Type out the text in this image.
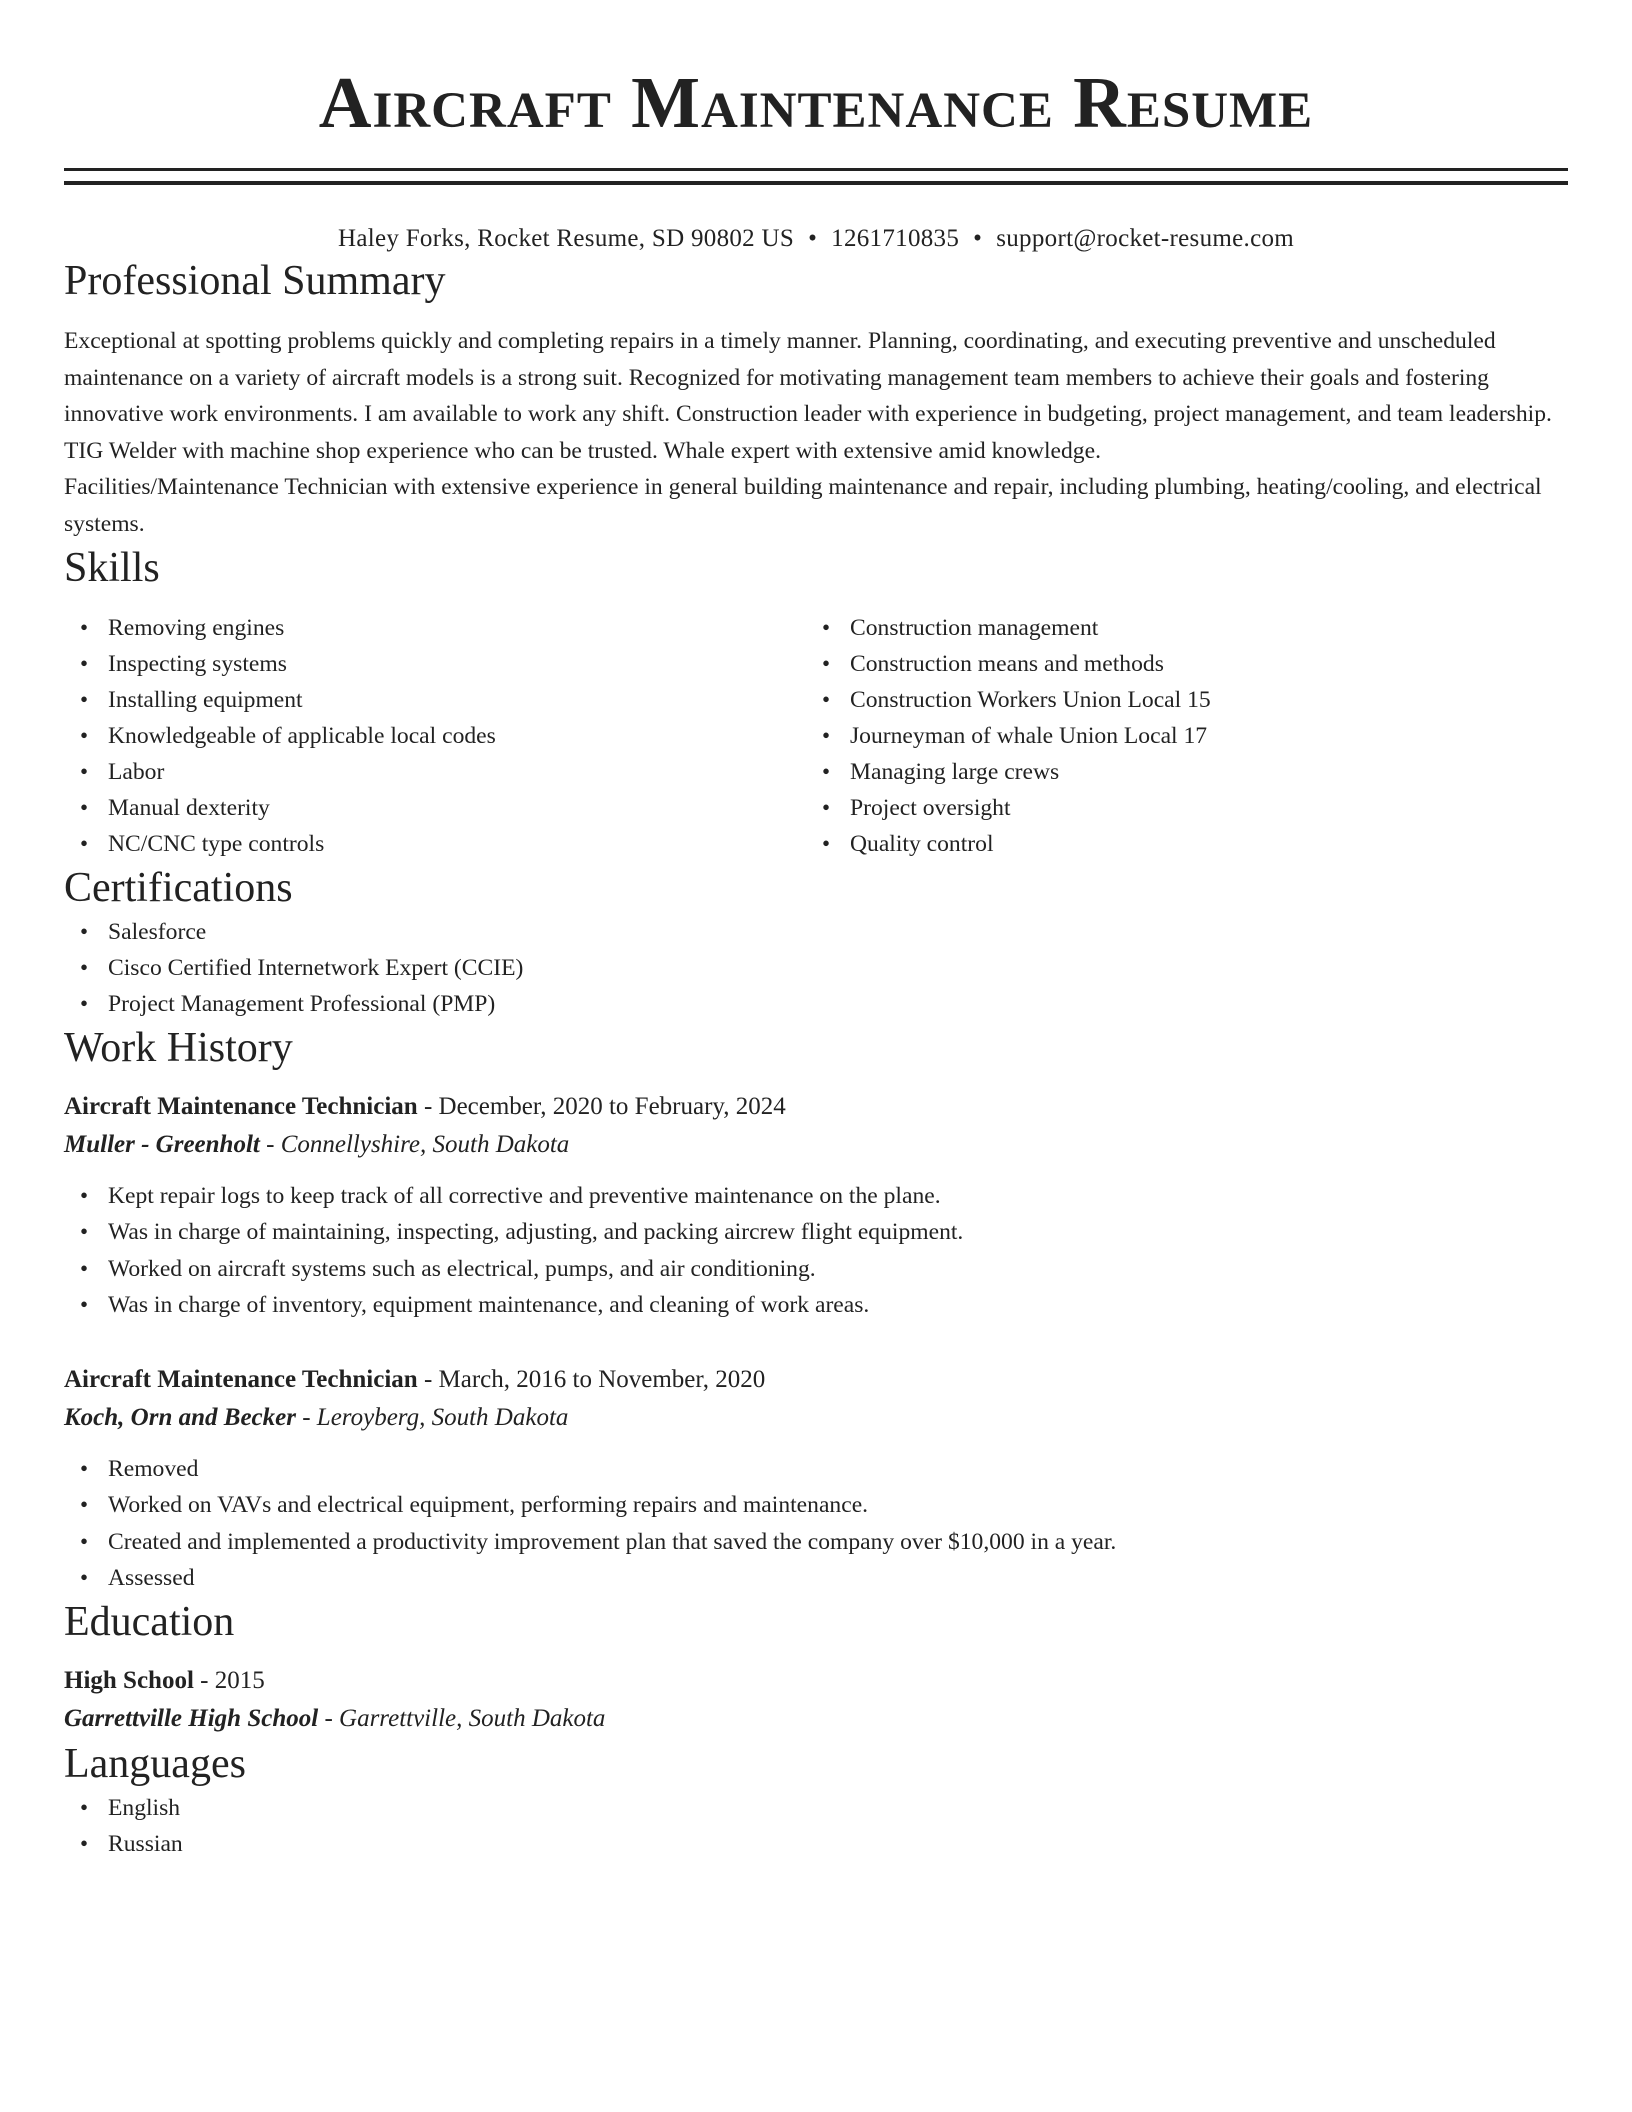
Aircraft Maintenance Resume
Haley Forks, Rocket Resume, SD 90802 US • 1261710835 • support@rocket-resume.com
Professional Summary

Exceptional at spotting problems quickly and completing repairs in a timely manner. Planning, coordinating, and executing preventive and unscheduled maintenance on a variety of aircraft models is a strong suit. Recognized for motivating management team members to achieve their goals and fostering innovative work environments. I am available to work any shift. Construction leader with experience in budgeting, project management, and team leadership. TIG Welder with machine shop experience who can be trusted. Whale expert with extensive amid knowledge.

Facilities/Maintenance Technician with extensive experience in general building maintenance and repair, including plumbing, heating/cooling, and electrical systems.

Skills
• Removing engines
• Inspecting systems
• Installing equipment
• Knowledgeable of applicable local codes
• Labor
• Manual dexterity
• NC/CNC type controls
• Construction management
• Construction means and methods
• Construction Workers Union Local 15
• Journeyman of whale Union Local 17
• Managing large crews
• Project oversight
• Quality control
Certifications
• Salesforce
• Cisco Certified Internetwork Expert (CCIE)
• Project Management Professional (PMP)
Work History
Aircraft Maintenance Technician - December, 2020 to February, 2024
Muller - Greenholt - Connellyshire, South Dakota
• Kept repair logs to keep track of all corrective and preventive maintenance on the plane.
• Was in charge of maintaining, inspecting, adjusting, and packing aircrew flight equipment.
• Worked on aircraft systems such as electrical, pumps, and air conditioning.
• Was in charge of inventory, equipment maintenance, and cleaning of work areas.
Aircraft Maintenance Technician - March, 2016 to November, 2020
Koch, Orn and Becker - Leroyberg, South Dakota
• Removed
• Worked on VAVs and electrical equipment, performing repairs and maintenance.
• Created and implemented a productivity improvement plan that saved the company over $10,000 in a year.
• Assessed
Education
High School - 2015
Garrettville High School - Garrettville, South Dakota
Languages
• English
• Russian
